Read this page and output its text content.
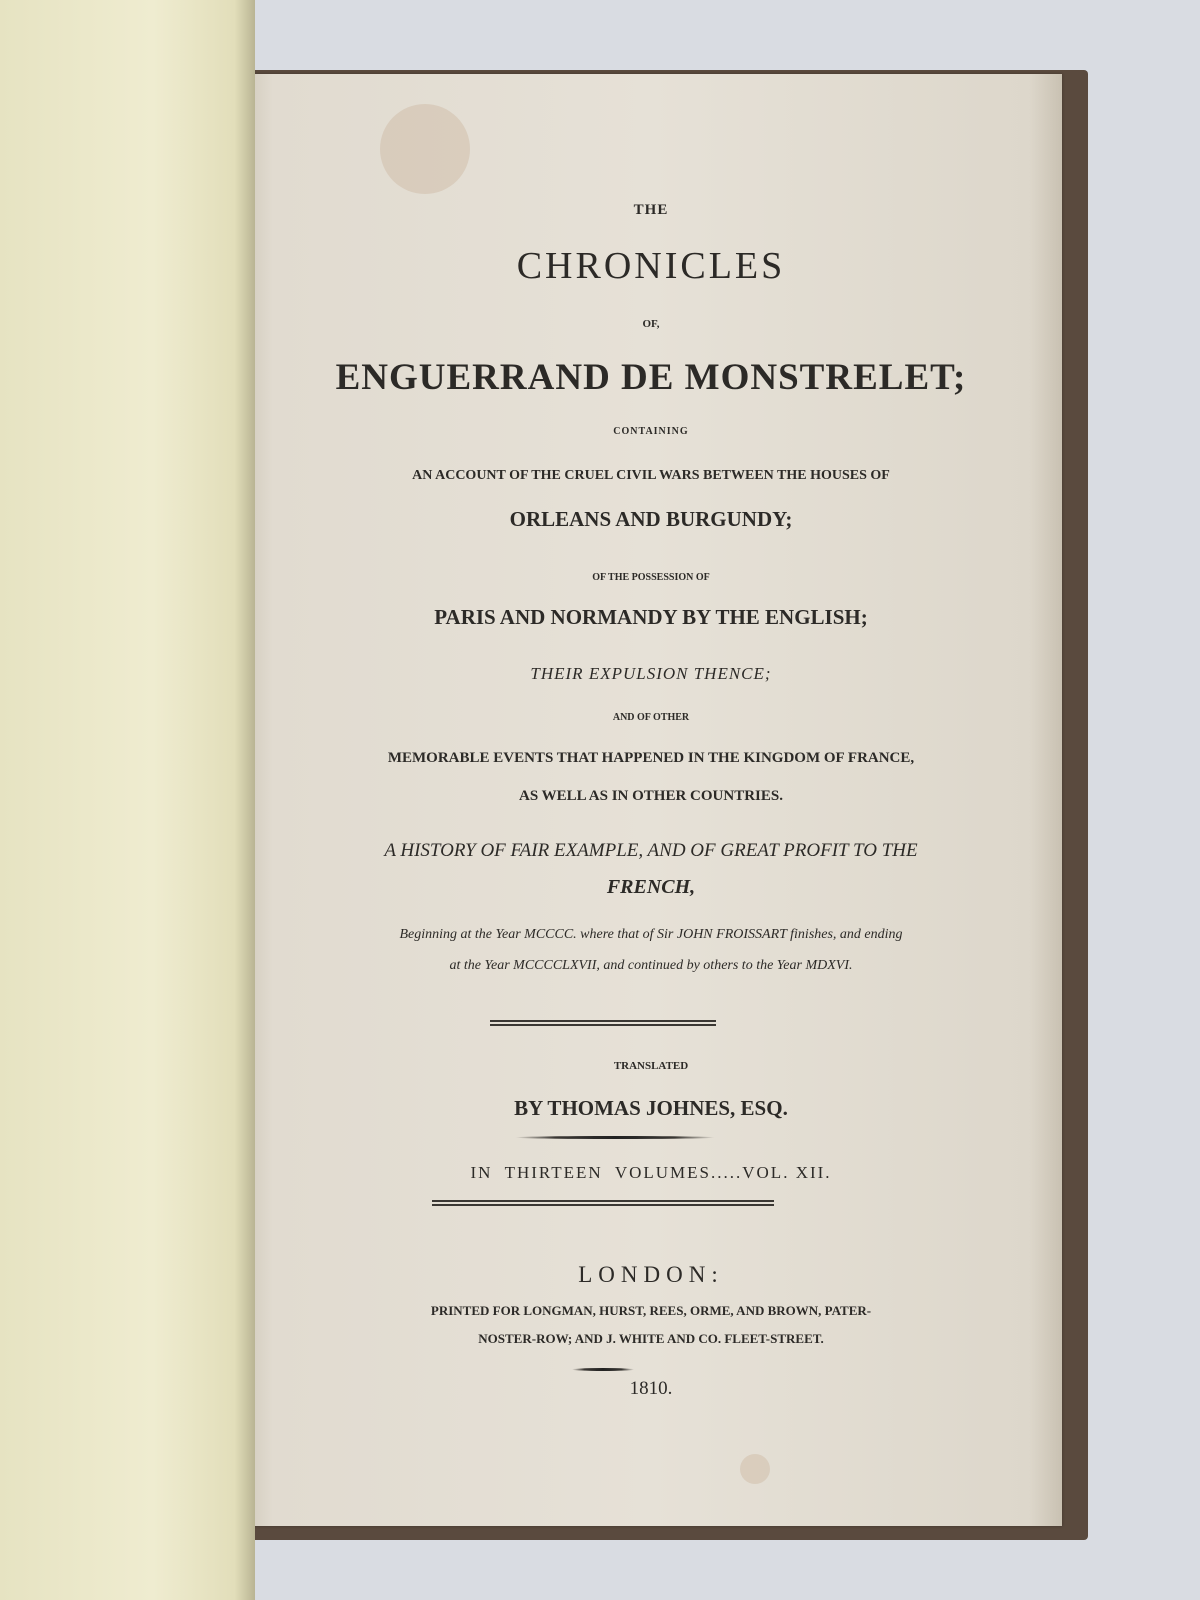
THE
CHRONICLES
OF,
ENGUERRAND DE MONSTRELET;
CONTAINING
AN ACCOUNT OF THE CRUEL CIVIL WARS BETWEEN THE HOUSES OF
ORLEANS AND BURGUNDY;
OF THE POSSESSION OF
PARIS AND NORMANDY BY THE ENGLISH;
THEIR EXPULSION THENCE;
AND OF OTHER
MEMORABLE EVENTS THAT HAPPENED IN THE KINGDOM OF FRANCE,
AS WELL AS IN OTHER COUNTRIES.
A HISTORY OF FAIR EXAMPLE, AND OF GREAT PROFIT TO THE
FRENCH,
Beginning at the Year MCCCC. where that of Sir JOHN FROISSART finishes, and ending
at the Year MCCCCLXVII, and continued by others to the Year MDXVI.
TRANSLATED
BY THOMAS JOHNES, ESQ.
IN  THIRTEEN  VOLUMES.....VOL. XII.
LONDON:
PRINTED FOR LONGMAN, HURST, REES, ORME, AND BROWN, PATER-
NOSTER-ROW; AND J. WHITE AND CO. FLEET-STREET.
1810.
